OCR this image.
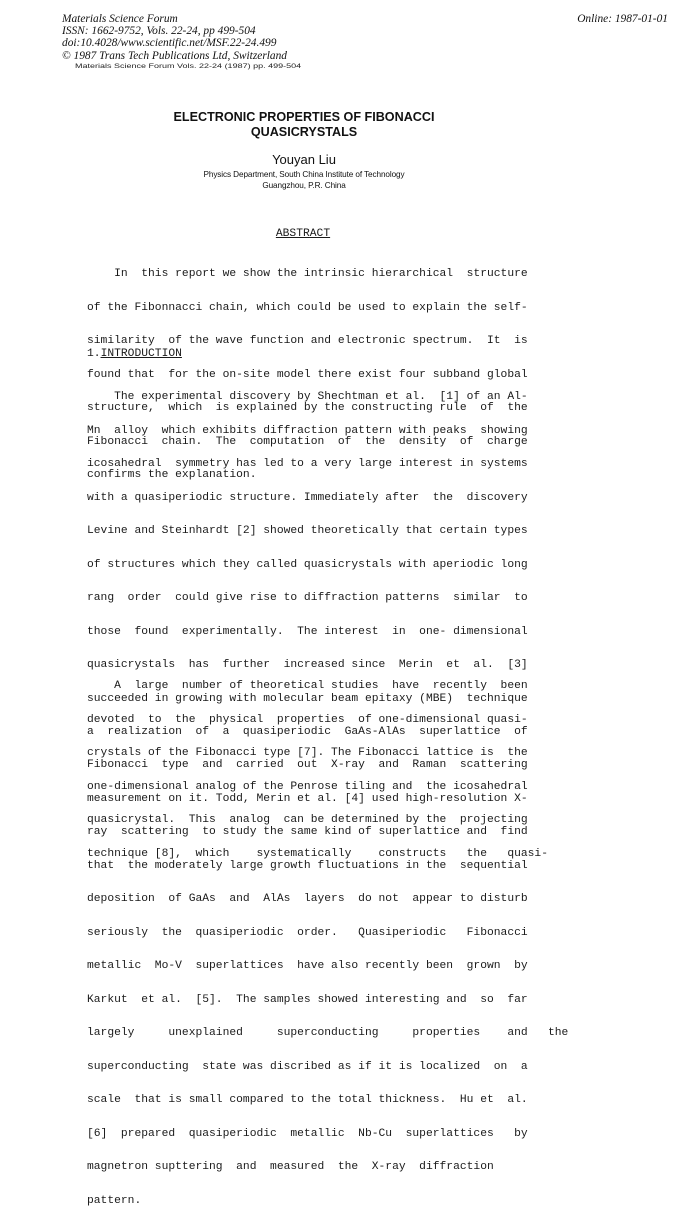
Materials Science Forum
ISSN: 1662-9752, Vols. 22-24, pp 499-504
doi:10.4028/www.scientific.net/MSF.22-24.499
© 1987 Trans Tech Publications Ltd, Switzerland
Online: 1987-01-01
Materials Science Forum Vols. 22-24 (1987) pp. 499-504
ELECTRONIC PROPERTIES OF FIBONACCI
QUASICRYSTALS
Youyan Liu
Physics Department, South China Institute of Technology
Guangzhou, P.R. China
ABSTRACT

In  this report we show the intrinsic hierarchical  structure

of the Fibonnacci chain, which could be used to explain the self-

similarity  of the wave function and electronic spectrum.  It  is

found that  for the on-site model there exist four subband global

structure,  which  is explained by the constructing rule  of  the

Fibonacci  chain.  The  computation  of  the  density  of  charge

confirms the explanation.

1.INTRODUCTION

The experimental discovery by Shechtman et al.  [1] of an Al-

Mn  alloy  which exhibits diffraction pattern with peaks  showing

icosahedral  symmetry has led to a very large interest in systems

with a quasiperiodic structure. Immediately after  the  discovery

Levine and Steinhardt [2] showed theoretically that certain types

of structures which they called quasicrystals with aperiodic long

rang  order  could give rise to diffraction patterns  similar  to

those  found  experimentally.  The interest  in  one- dimensional

quasicrystals  has  further  increased since  Merin  et  al.  [3]

succeeded in growing with molecular beam epitaxy (MBE)  technique

a  realization  of  a  quasiperiodic  GaAs-AlAs  superlattice  of

Fibonacci  type  and  carried  out  X-ray  and  Raman  scattering

measurement on it. Todd, Merin et al. [4] used high-resolution X-

ray  scattering  to study the same kind of superlattice and  find

that  the moderately large growth fluctuations in the  sequential

deposition  of GaAs  and  AlAs  layers  do not  appear to disturb

seriously  the  quasiperiodic  order.   Quasiperiodic   Fibonacci

metallic  Mo-V  superlattices  have also recently been  grown  by

Karkut  et al.  [5].  The samples showed interesting and  so  far

largely     unexplained     superconducting     properties    and   the

superconducting  state was discribed as if it is localized  on  a

scale  that is small compared to the total thickness.  Hu et  al.

[6]  prepared  quasiperiodic  metallic  Nb-Cu  superlattices   by

magnetron supttering  and  measured  the  X-ray  diffraction

pattern.

A  large  number of theoretical studies  have  recently  been

devoted  to  the  physical  properties  of one-dimensional quasi-

crystals of the Fibonacci type [7]. The Fibonacci lattice is  the

one-dimensional analog of the Penrose tiling and  the icosahedral

quasicrystal.  This  analog  can be determined by the  projecting

technique [8],  which    systematically    constructs   the   quasi-
